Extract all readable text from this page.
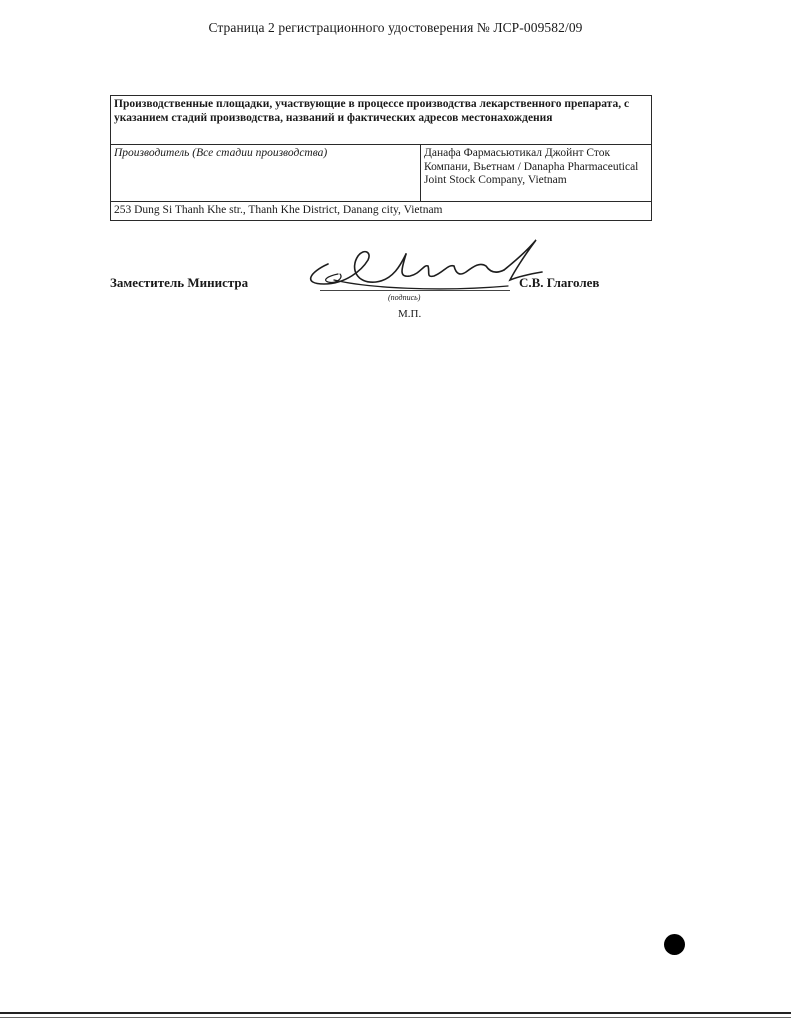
Страница 2 регистрационного удостоверения № ЛСР-009582/09
Производственные площадки, участвующие в процессе производства лекарственного препарата, с указанием стадий производства, названий и фактических адресов местонахождения
Производитель (Все стадии производства)	Данафа Фармасьютикал Джойнт Сток Компани, Вьетнам / Danapha Pharmaceutical Joint Stock Company, Vietnam
253 Dung Si Thanh Khe str., Thanh Khe District, Danang city, Vietnam
Заместитель Министра
(подпись)
С.В. Глаголев
М.П.
